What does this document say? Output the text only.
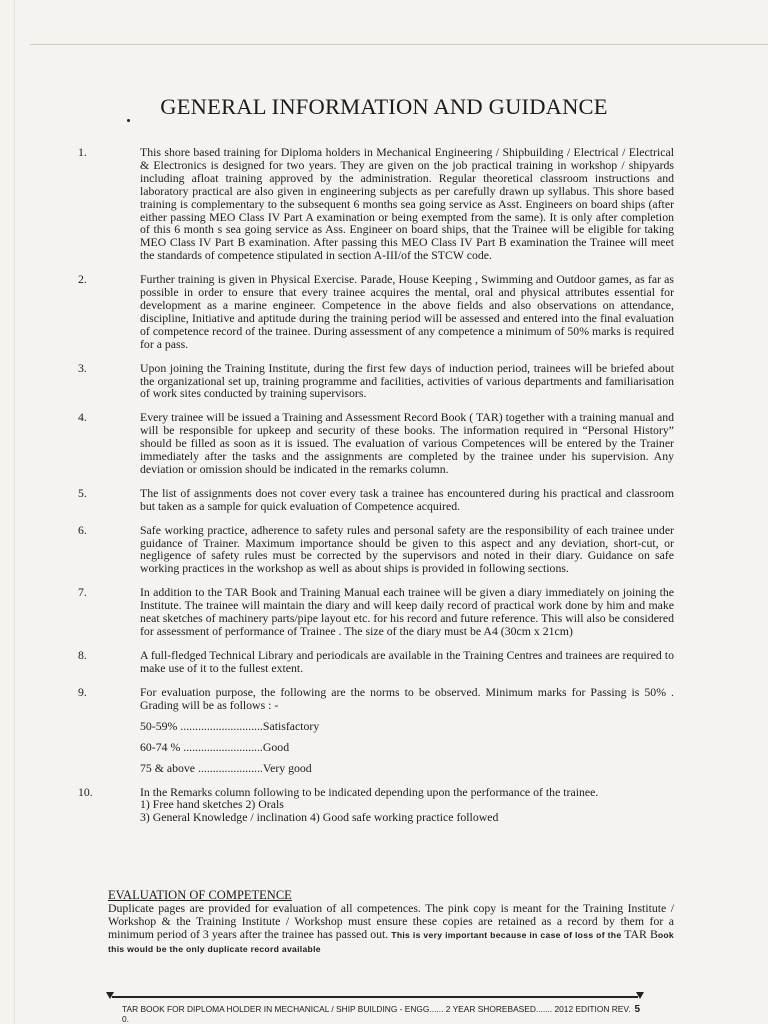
GENERAL INFORMATION AND GUIDANCE
1.	This shore based training for Diploma holders in Mechanical Engineering / Shipbuilding / Electrical / Electrical & Electronics is designed for two years. They are given on the job practical training in workshop / shipyards including afloat training approved by the administration. Regular theoretical classroom instructions and laboratory practical are also given in engineering subjects as per carefully drawn up syllabus. This shore based training is complementary to the subsequent 6 months sea going service as Asst. Engineers on board ships (after either passing MEO Class IV Part A examination or being exempted from the same). It is only after completion of this 6 month s sea going service as Ass. Engineer on board ships, that the Trainee will be eligible for taking MEO Class IV Part B examination. After passing this MEO Class IV Part B examination the Trainee will meet the standards of competence stipulated in section A-III/of the STCW code.
2.	Further training is given in Physical Exercise. Parade, House Keeping , Swimming and Outdoor games, as far as possible in order to ensure that every trainee acquires the mental, oral and physical attributes essential for development as a marine engineer. Competence in the above fields and also observations on attendance, discipline, Initiative and aptitude during the training period will be assessed and entered into the final evaluation of competence record of the trainee. During assessment of any competence a minimum of 50% marks is required for a pass.
3.	Upon joining the Training Institute, during the first few days of induction period, trainees will be briefed about the organizational set up, training programme and facilities, activities of various departments and familiarisation of work sites conducted by training supervisors.
4.	Every trainee will be issued a Training and Assessment Record Book ( TAR) together with a training manual and will be responsible for upkeep and security of these books. The information required in “Personal History” should be filled as soon as it is issued. The evaluation of various Competences will be entered by the Trainer immediately after the tasks and the assignments are completed by the trainee under his supervision. Any deviation or omission should be indicated in the remarks column.
5.	The list of assignments does not cover every task a trainee has encountered during his practical and classroom but taken as a sample for quick evaluation of Competence acquired.
6.	Safe working practice, adherence to safety rules and personal safety are the responsibility of each trainee under guidance of Trainer. Maximum importance should be given to this aspect and any deviation, short-cut, or negligence of safety rules must be corrected by the supervisors and noted in their diary. Guidance on safe working practices in the workshop as well as about ships is provided in following sections.
7.	In addition to the TAR Book and Training Manual each trainee will be given a diary immediately on joining the Institute. The trainee will maintain the diary and will keep daily record of practical work done by him and make neat sketches of machinery parts/pipe layout etc. for his record and future reference. This will also be considered for assessment of performance of Trainee . The size of the diary must be A4 (30cm x 21cm)
8.	A full-fledged Technical Library and periodicals are available in the Training Centres and trainees are required to make use of it to the fullest extent.
9.	For evaluation purpose, the following are the norms to be observed. Minimum marks for Passing is 50% . Grading will be as follows : -
50-59% ............................Satisfactory
60-74 % ...........................Good
75 & above ......................Very good
10.	In the Remarks column following to be indicated depending upon the performance of the trainee.
1) Free hand sketches 2) Orals
3) General Knowledge / inclination 4) Good safe working practice followed
EVALUATION OF COMPETENCE
Duplicate pages are provided for evaluation of all competences. The pink copy is meant for the Training Institute / Workshop & the Training Institute / Workshop must ensure these copies are retained as a record by them for a minimum period of 3 years after the trainee has passed out. This is very important because in case of loss of the TAR Book this would be the only duplicate record available
TAR BOOK FOR DIPLOMA HOLDER IN MECHANICAL / SHIP BUILDING - ENGG...... 2 YEAR SHOREBASED....... 2012 EDITION REV. 0.
5
